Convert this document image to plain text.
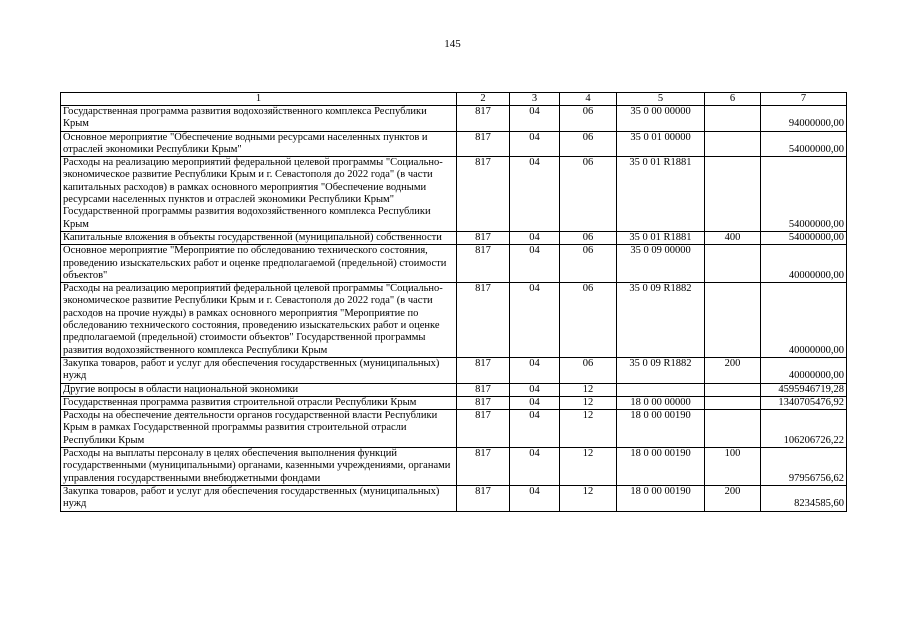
145
1	2	3	4	5	6	7
Государственная программа развития водохозяйственного комплекса Республики Крым	817	04	06	35 0 00 00000		94000000,00
Основное мероприятие "Обеспечение водными ресурсами населенных пунктов и отраслей экономики Республики Крым"	817	04	06	35 0 01 00000		54000000,00
Расходы на реализацию мероприятий федеральной целевой программы "Социально-экономическое развитие Республики Крым и г. Севастополя до 2022 года" (в части капитальных расходов) в рамках основного мероприятия "Обеспечение водными ресурсами населенных пунктов и отраслей экономики Республики Крым" Государственной программы развития водохозяйственного комплекса Республики Крым	817	04	06	35 0 01 R1881		54000000,00
Капитальные вложения в объекты государственной (муниципальной) собственности	817	04	06	35 0 01 R1881	400	54000000,00
Основное мероприятие "Мероприятие по обследованию технического состояния, проведению изыскательских работ и оценке предполагаемой (предельной) стоимости объектов"	817	04	06	35 0 09 00000		40000000,00
Расходы на реализацию мероприятий федеральной целевой программы "Социально-экономическое развитие Республики Крым и г. Севастополя до 2022 года" (в части расходов на прочие нужды) в рамках основного мероприятия "Мероприятие по обследованию технического состояния, проведению изыскательских работ и оценке предполагаемой (предельной) стоимости объектов" Государственной программы развития водохозяйственного комплекса Республики Крым	817	04	06	35 0 09 R1882		40000000,00
Закупка товаров, работ и услуг для обеспечения государственных (муниципальных) нужд	817	04	06	35 0 09 R1882	200	40000000,00
Другие вопросы в области национальной экономики	817	04	12			4595946719,28
Государственная программа развития строительной отрасли Республики Крым	817	04	12	18 0 00 00000		1340705476,92
Расходы на обеспечение деятельности органов государственной власти Республики Крым в рамках Государственной программы развития строительной отрасли Республики Крым	817	04	12	18 0 00 00190		106206726,22
Расходы на выплаты персоналу в целях обеспечения выполнения функций государственными (муниципальными) органами, казенными учреждениями, органами управления государственными внебюджетными фондами	817	04	12	18 0 00 00190	100	97956756,62
Закупка товаров, работ и услуг для обеспечения государственных (муниципальных) нужд	817	04	12	18 0 00 00190	200	8234585,60
